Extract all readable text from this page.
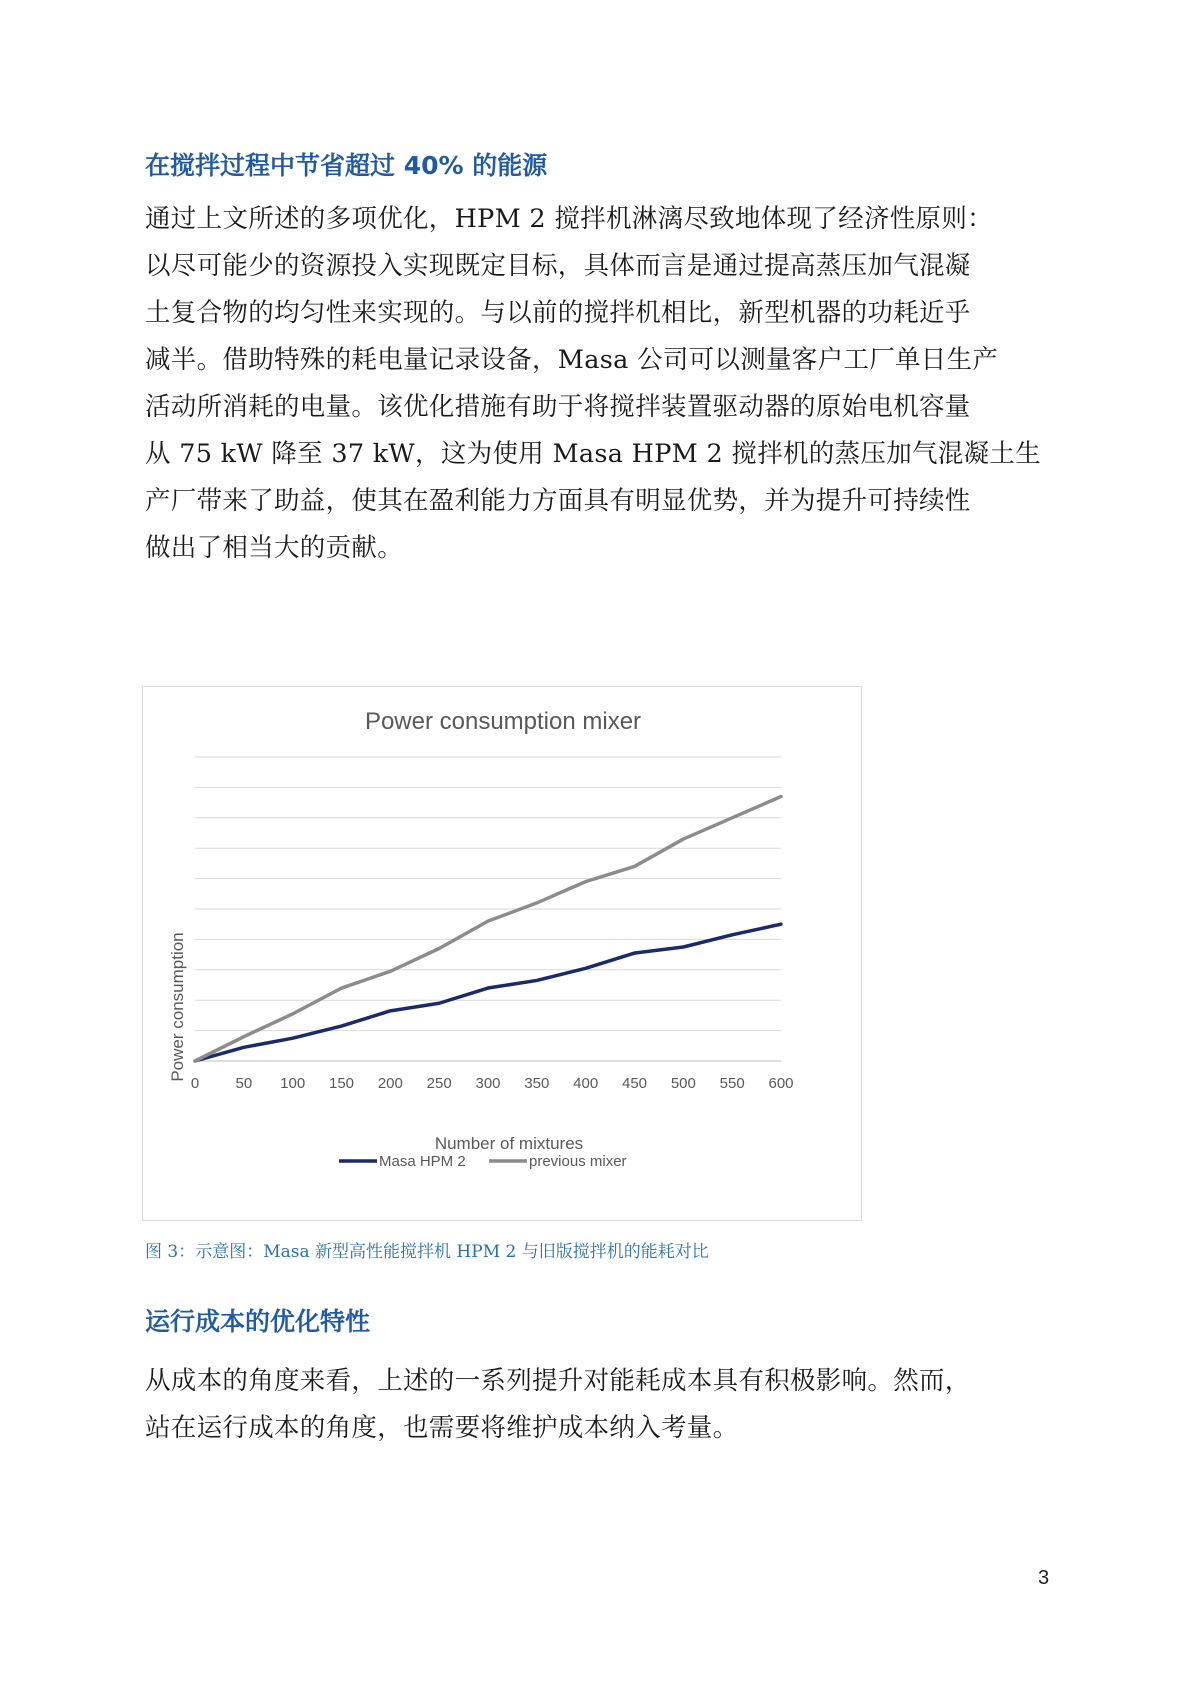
在搅拌过程中节省超过 40% 的能源
通过上文所述的多项优化，HPM 2 搅拌机淋漓尽致地体现了经济性原则：
以尽可能少的资源投入实现既定目标，具体而言是通过提高蒸压加气混凝
土复合物的均匀性来实现的。与以前的搅拌机相比，新型机器的功耗近乎
减半。借助特殊的耗电量记录设备，Masa 公司可以测量客户工厂单日生产
活动所消耗的电量。该优化措施有助于将搅拌装置驱动器的原始电机容量
从 75 kW 降至 37 kW，这为使用 Masa HPM 2 搅拌机的蒸压加气混凝土生
产厂带来了助益，使其在盈利能力方面具有明显优势，并为提升可持续性
做出了相当大的贡献。
Power consumption mixer
Power consumption
Number of mixtures
0 50 100 150 200 250 300 350 400 450 500 550 600
Masa HPM 2	previous mixer

图 3：示意图：Masa 新型高性能搅拌机 HPM 2 与旧版搅拌机的能耗对比

运行成本的优化特性
从成本的角度来看，上述的一系列提升对能耗成本具有积极影响。然而，
站在运行成本的角度，也需要将维护成本纳入考量。
3
